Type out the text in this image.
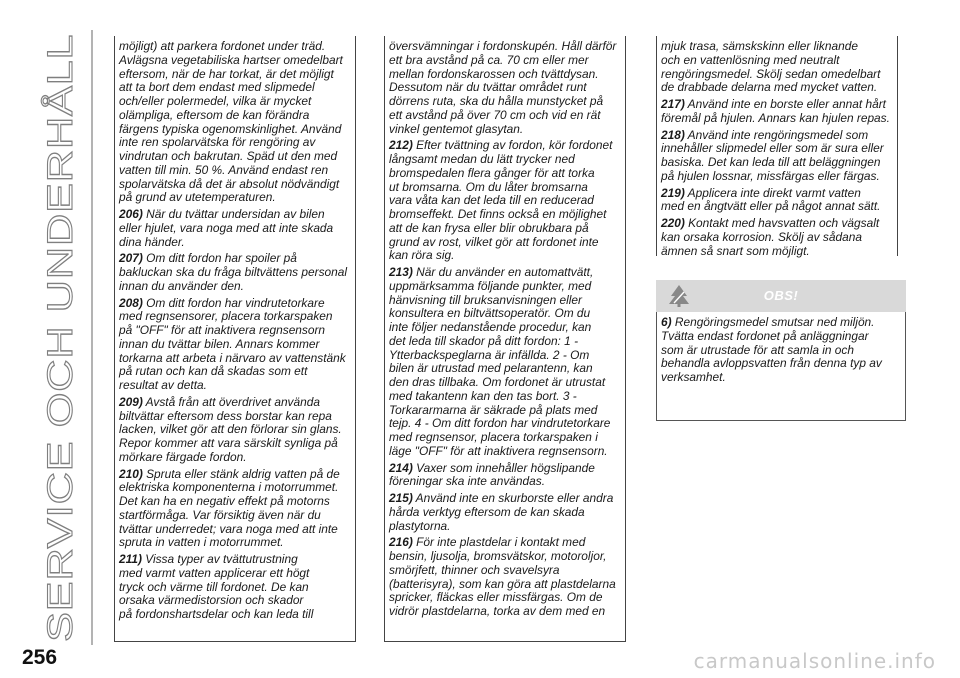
SERVICE OCH UNDERHÅLL

möjligt) att parkera fordonet under träd.
Avlägsna vegetabiliska hartser omedelbart
eftersom, när de har torkat, är det möjligt
att ta bort dem endast med slipmedel
och/eller polermedel, vilka är mycket
olämpliga, eftersom de kan förändra
färgens typiska ogenomskinlighet. Använd
inte ren spolarvätska för rengöring av
vindrutan och bakrutan. Späd ut den med
vatten till min. 50 %. Använd endast ren
spolarvätska då det är absolut nödvändigt
på grund av utetemperaturen.

206) När du tvättar undersidan av bilen
eller hjulet, vara noga med att inte skada
dina händer.

207) Om ditt fordon har spoiler på
bakluckan ska du fråga biltvättens personal
innan du använder den.

208) Om ditt fordon har vindrutetorkare
med regnsensorer, placera torkarspaken
på "OFF" för att inaktivera regnsensorn
innan du tvättar bilen. Annars kommer
torkarna att arbeta i närvaro av vattenstänk
på rutan och kan då skadas som ett
resultat av detta.

209) Avstå från att överdrivet använda
biltvättar eftersom dess borstar kan repa
lacken, vilket gör att den förlorar sin glans.
Repor kommer att vara särskilt synliga på
mörkare färgade fordon.

210) Spruta eller stänk aldrig vatten på de
elektriska komponenterna i motorrummet.
Det kan ha en negativ effekt på motorns
startförmåga. Var försiktig även när du
tvättar underredet; vara noga med att inte
spruta in vatten i motorrummet.

211) Vissa typer av tvättutrustning
med varmt vatten applicerar ett högt
tryck och värme till fordonet. De kan
orsaka värmedistorsion och skador
på fordonshartsdelar och kan leda till

översvämningar i fordonskupén. Håll därför
ett bra avstånd på ca. 70 cm eller mer
mellan fordonskarossen och tvättdysan.
Dessutom när du tvättar området runt
dörrens ruta, ska du hålla munstycket på
ett avstånd på över 70 cm och vid en rät
vinkel gentemot glasytan.

212) Efter tvättning av fordon, kör fordonet
långsamt medan du lätt trycker ned
bromspedalen flera gånger för att torka
ut bromsarna. Om du låter bromsarna
vara våta kan det leda till en reducerad
bromseffekt. Det finns också en möjlighet
att de kan frysa eller blir obrukbara på
grund av rost, vilket gör att fordonet inte
kan röra sig.

213) När du använder en automattvätt,
uppmärksamma följande punkter, med
hänvisning till bruksanvisningen eller
konsultera en biltvättsoperatör. Om du
inte följer nedanstående procedur, kan
det leda till skador på ditt fordon: 1 -
Ytterbackspeglarna är infällda. 2 - Om
bilen är utrustad med pelarantenn, kan
den dras tillbaka. Om fordonet är utrustat
med takantenn kan den tas bort. 3 -
Torkararmarna är säkrade på plats med
tejp. 4 - Om ditt fordon har vindrutetorkare
med regnsensor, placera torkarspaken i
läge "OFF" för att inaktivera regnsensorn.

214) Vaxer som innehåller högslipande
föreningar ska inte användas.

215) Använd inte en skurborste eller andra
hårda verktyg eftersom de kan skada
plastytorna.

216) För inte plastdelar i kontakt med
bensin, ljusolja, bromsvätskor, motoroljor,
smörjfett, thinner och svavelsyra
(batterisyra), som kan göra att plastdelarna
spricker, fläckas eller missfärgas. Om de
vidrör plastdelarna, torka av dem med en

mjuk trasa, sämskskinn eller liknande
och en vattenlösning med neutralt
rengöringsmedel. Skölj sedan omedelbart
de drabbade delarna med mycket vatten.

217) Använd inte en borste eller annat hårt
föremål på hjulen. Annars kan hjulen repas.

218) Använd inte rengöringsmedel som
innehåller slipmedel eller som är sura eller
basiska. Det kan leda till att beläggningen
på hjulen lossnar, missfärgas eller färgas.

219) Applicera inte direkt varmt vatten
med en ångtvätt eller på något annat sätt.

220) Kontakt med havsvatten och vägsalt
kan orsaka korrosion. Skölj av sådana
ämnen så snart som möjligt.

OBS!
6) Rengöringsmedel smutsar ned miljön.
Tvätta endast fordonet på anläggningar
som är utrustade för att samla in och
behandla avloppsvatten från denna typ av
verksamhet.
256	carmanualsonline.info
